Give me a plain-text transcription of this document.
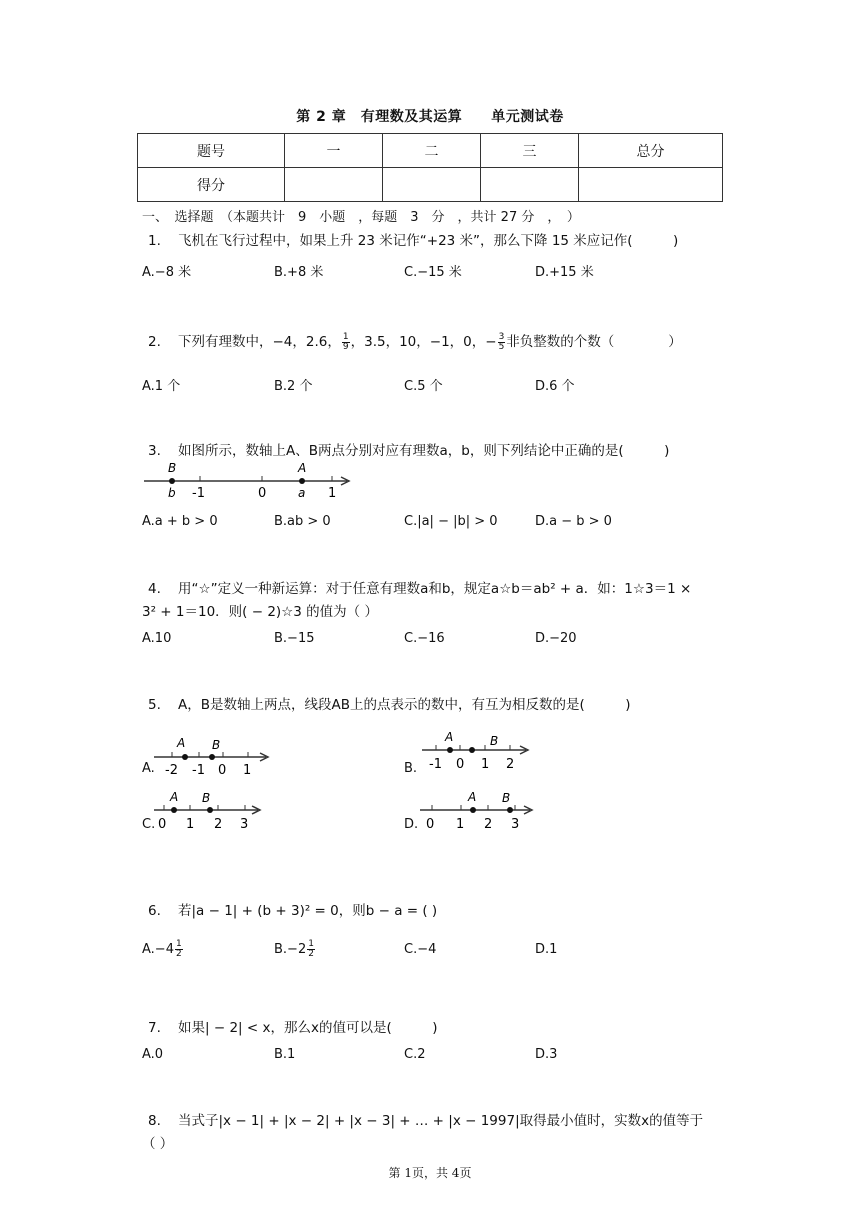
第 2 章　有理数及其运算　　单元测试卷
题号	一	二	三	总分
得分				
一、　选择题　（本题共计　9　小题　，每题　3　分　，共计 27 分　，　）
1. 飞机在飞行过程中，如果上升 23 米记作“+23 米”，那么下降 15 米应记作(　　　)
A.−8 米	B.+8 米	C.−15 米	D.+15 米
2. 下列有理数中，−4，2.6， $\frac{1}{9}$ ，3.5，10，−1，0，− $\frac{3}{5}$ 非负整数的个数（　　　　）
A.1 个	B.2 个	C.5 个	D.6 个
3. 如图所示，数轴上A、B两点分别对应有理数a，b，则下列结论中正确的是(　　　)
B
b -1	0
A
a 1
A.a + b > 0	B.ab > 0	C.|a| − |b| > 0	D.a − b > 0
4. 用“☆”定义一种新运算：对于任意有理数a和b，规定a☆b＝ab² + a．如：1☆3＝1 ×
3² + 1＝10．则( − 2)☆3 的值为（ ）
A.10	B.−15	C.−16	D.−20
5. A，B是数轴上两点，线段AB上的点表示的数中，有互为相反数的是(　　　)
A.
A B
-2 -1 0 1	B.
A	B
-1 0 1 2
C.
A B
0 1 2 3	D.
A B
0 1 2 3
6. 若|a − 1| + (b + 3)² = 0，则b − a = ( )
$A.-4 \frac{1}{2}$	$B.-2 \frac{1}{2}$	C.−4	D.1
7. 如果| − 2| < x，那么x的值可以是(　　　)
A.0	B.1	C.2	D.3
8. 当式子|x − 1| + |x − 2| + |x − 3| + … + |x − 1997|取得最小值时，实数x的值等于
（ ）
第 1页，共 4页
